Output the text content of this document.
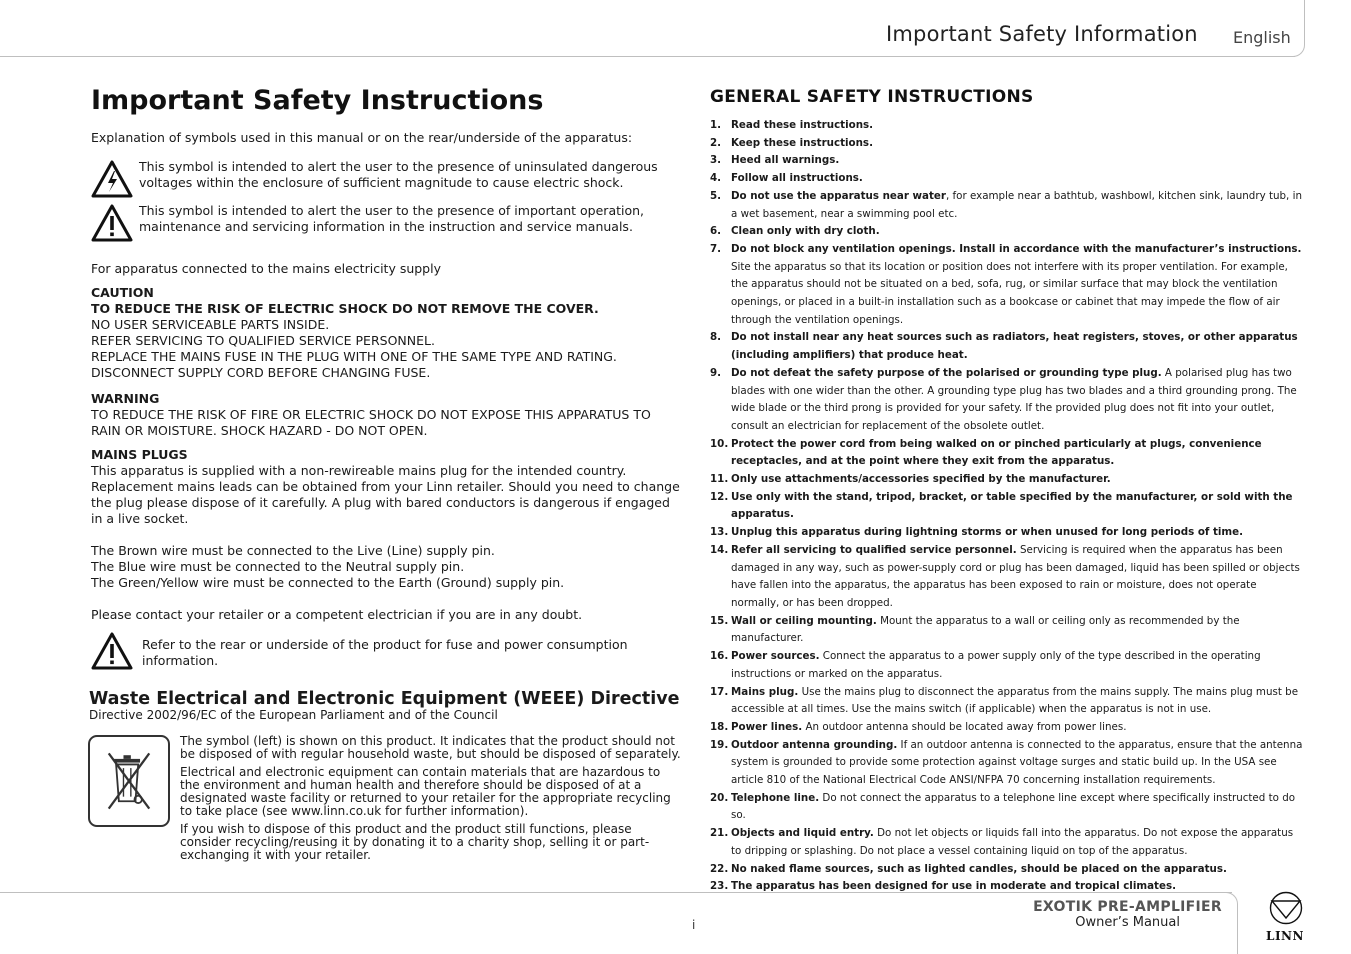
Important Safety Information English
Important Safety Instructions

Explanation of symbols used in this manual or on the rear/underside of the apparatus:

This symbol is intended to alert the user to the presence of uninsulated dangerous voltages within the enclosure of sufficient magnitude to cause electric shock.

This symbol is intended to alert the user to the presence of important operation, maintenance and servicing information in the instruction and service manuals.

For apparatus connected to the mains electricity supply

CAUTION

TO REDUCE THE RISK OF ELECTRIC SHOCK DO NOT REMOVE THE COVER.

NO USER SERVICEABLE PARTS INSIDE.

REFER SERVICING TO QUALIFIED SERVICE PERSONNEL.

REPLACE THE MAINS FUSE IN THE PLUG WITH ONE OF THE SAME TYPE AND RATING.

DISCONNECT SUPPLY CORD BEFORE CHANGING FUSE.

WARNING

TO REDUCE THE RISK OF FIRE OR ELECTRIC SHOCK DO NOT EXPOSE THIS APPARATUS TO RAIN OR MOISTURE. SHOCK HAZARD - DO NOT OPEN.

MAINS PLUGS

This apparatus is supplied with a non-rewireable mains plug for the intended country. Replacement mains leads can be obtained from your Linn retailer. Should you need to change the plug please dispose of it carefully. A plug with bared conductors is dangerous if engaged in a live socket.

The Brown wire must be connected to the Live (Line) supply pin.

The Blue wire must be connected to the Neutral supply pin.

The Green/Yellow wire must be connected to the Earth (Ground) supply pin.

Please contact your retailer or a competent electrician if you are in any doubt.

Refer to the rear or underside of the product for fuse and power consumption information.

Waste Electrical and Electronic Equipment (WEEE) Directive

Directive 2002/96/EC of the European Parliament and of the Council

The symbol (left) is shown on this product. It indicates that the product should not be disposed of with regular household waste, but should be disposed of separately.

Electrical and electronic equipment can contain materials that are hazardous to the environment and human health and therefore should be disposed of at a designated waste facility or returned to your retailer for the appropriate recycling to take place (see www.linn.co.uk for further information).

If you wish to dispose of this product and the product still functions, please consider recycling/reusing it by donating it to a charity shop, selling it or part-exchanging it with your retailer.

GENERAL SAFETY INSTRUCTIONS
1. Read these instructions.
2. Keep these instructions.
3. Heed all warnings.
4. Follow all instructions.
5. Do not use the apparatus near water, for example near a bathtub, washbowl, kitchen sink, laundry tub, in a wet basement, near a swimming pool etc.
6. Clean only with dry cloth.
7. Do not block any ventilation openings. Install in accordance with the manufacturer’s instructions. Site the apparatus so that its location or position does not interfere with its proper ventilation. For example, the apparatus should not be situated on a bed, sofa, rug, or similar surface that may block the ventilation openings, or placed in a built-in installation such as a bookcase or cabinet that may impede the flow of air through the ventilation openings.
8. Do not install near any heat sources such as radiators, heat registers, stoves, or other apparatus (including amplifiers) that produce heat.
9. Do not defeat the safety purpose of the polarised or grounding type plug. A polarised plug has two blades with one wider than the other. A grounding type plug has two blades and a third grounding prong. The wide blade or the third prong is provided for your safety. If the provided plug does not fit into your outlet, consult an electrician for replacement of the obsolete outlet.
10. Protect the power cord from being walked on or pinched particularly at plugs, convenience receptacles, and at the point where they exit from the apparatus.
11. Only use attachments/accessories specified by the manufacturer.
12. Use only with the stand, tripod, bracket, or table specified by the manufacturer, or sold with the apparatus.
13. Unplug this apparatus during lightning storms or when unused for long periods of time.
14. Refer all servicing to qualified service personnel. Servicing is required when the apparatus has been damaged in any way, such as power-supply cord or plug has been damaged, liquid has been spilled or objects have fallen into the apparatus, the apparatus has been exposed to rain or moisture, does not operate normally, or has been dropped.
15. Wall or ceiling mounting. Mount the apparatus to a wall or ceiling only as recommended by the manufacturer.
16. Power sources. Connect the apparatus to a power supply only of the type described in the operating instructions or marked on the apparatus.
17. Mains plug. Use the mains plug to disconnect the apparatus from the mains supply. The mains plug must be accessible at all times. Use the mains switch (if applicable) when the apparatus is not in use.
18. Power lines. An outdoor antenna should be located away from power lines.
19. Outdoor antenna grounding. If an outdoor antenna is connected to the apparatus, ensure that the antenna system is grounded to provide some protection against voltage surges and static build up. In the USA see article 810 of the National Electrical Code ANSI/NFPA 70 concerning installation requirements.
20. Telephone line. Do not connect the apparatus to a telephone line except where specifically instructed to do so.
21. Objects and liquid entry. Do not let objects or liquids fall into the apparatus. Do not expose the apparatus to dripping or splashing. Do not place a vessel containing liquid on top of the apparatus.
22. No naked flame sources, such as lighted candles, should be placed on the apparatus.
23. The apparatus has been designed for use in moderate and tropical climates.
i
EXOTIK PRE-AMPLIFIER
Owner’s Manual
LINN
